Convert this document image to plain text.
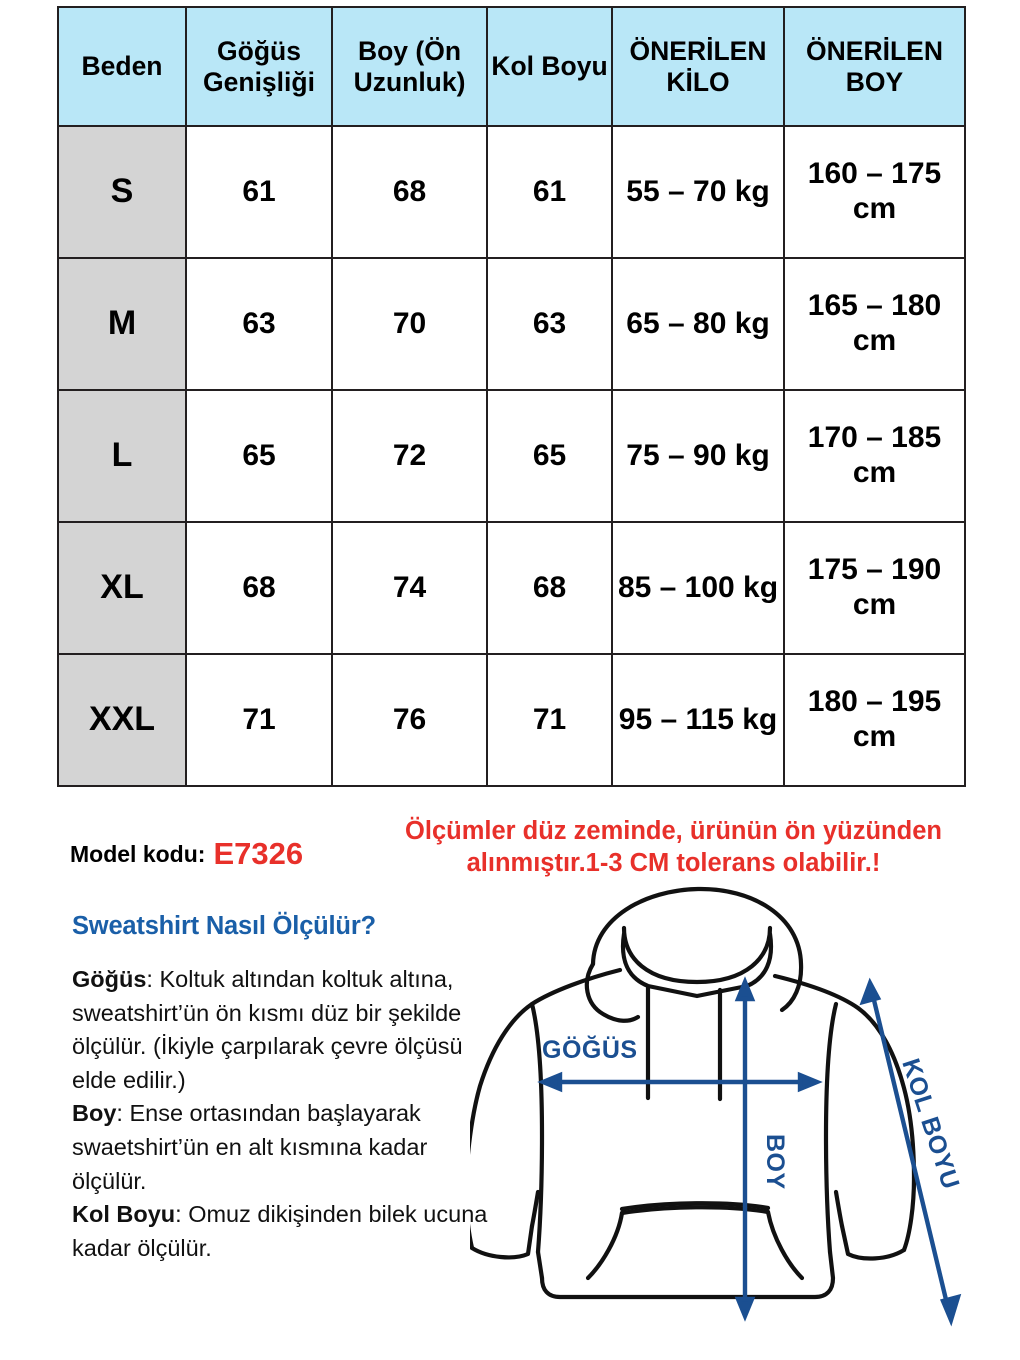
Beden	Göğüs Genişliği	Boy (Ön Uzunluk)	Kol Boyu	ÖNERİLEN KİLO	ÖNERİLEN BOY
S	61	68	61	55 – 70 kg	160 – 175 cm
M	63	70	63	65 – 80 kg	165 – 180 cm
L	65	72	65	75 – 90 kg	170 – 185 cm
XL	68	74	68	85 – 100 kg	175 – 190 cm
XXL	71	76	71	95 – 115 kg	180 – 195 cm
Model kodu: E7326
Ölçümler düz zeminde, ürünün ön yüzünden alınmıştır.1-3 CM tolerans olabilir.!
Sweatshirt Nasıl Ölçülür?
Göğüs: Koltuk altından koltuk altına, sweatshirt’ün ön kısmı düz bir şekilde ölçülür. (İkiyle çarpılarak çevre ölçüsü elde edilir.)
Boy: Ense ortasından başlayarak swaetshirt’ün en alt kısmına kadar ölçülür.
Kol Boyu: Omuz dikişinden bilek ucuna kadar ölçülür.
GÖĞÜS
BOY	KOL BOYU
